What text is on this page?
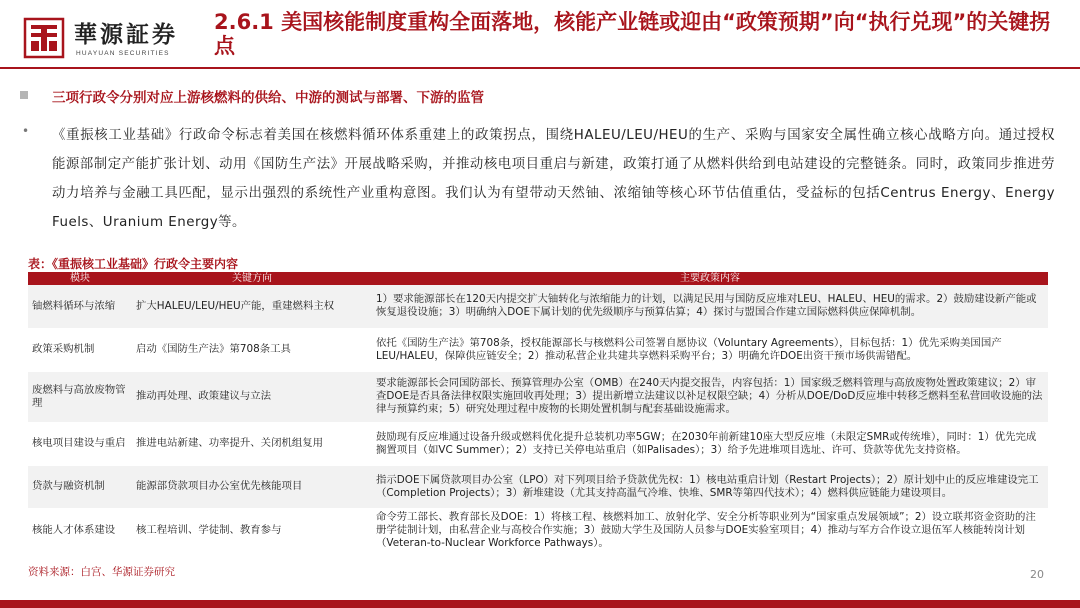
華源証券
HUAYUAN SECURITIES
2.6.1 美国核能制度重构全面落地，核能产业链或迎由“政策预期”向“执行兑现”的关键拐点
三项行政令分别对应上游核燃料的供给、中游的测试与部署、下游的监管
• 《重振核工业基础》行政命令标志着美国在核燃料循环体系重建上的政策拐点，围绕HALEU/LEU/HEU的生产、采购与国家安全属性确立核心战略方向。通过授权能源部制定产能扩张计划、动用《国防生产法》开展战略采购，并推动核电项目重启与新建，政策打通了从燃料供给到电站建设的完整链条。同时，政策同步推进劳动力培养与金融工具匹配，显示出强烈的系统性产业重构意图。我们认为有望带动天然铀、浓缩铀等核心环节估值重估，受益标的包括Centrus Energy、Energy Fuels、Uranium Energy等。
表：《重振核工业基础》行政令主要内容
模块	关键方向	主要政策内容
铀燃料循环与浓缩	扩大HALEU/LEU/HEU产能，重建燃料主权	1）要求能源部长在120天内提交扩大铀转化与浓缩能力的计划，以满足民用与国防反应堆对LEU、HALEU、HEU的需求。2）鼓励建设新产能或恢复退役设施；3）明确纳入DOE下属计划的优先级顺序与预算估算；4）探讨与盟国合作建立国际燃料供应保障机制。
政策采购机制	启动《国防生产法》第708条工具	依托《国防生产法》第708条，授权能源部长与核燃料公司签署自愿协议（Voluntary Agreements），目标包括：1）优先采购美国国产LEU/HALEU，保障供应链安全；2）推动私营企业共建共享燃料采购平台；3）明确允许DOE出资干预市场供需错配。
废燃料与高放废物管理	推动再处理、政策建议与立法	要求能源部长会同国防部长、预算管理办公室（OMB）在240天内提交报告，内容包括：1）国家级乏燃料管理与高放废物处置政策建议；2）审查DOE是否具备法律权限实施回收再处理；3）提出新增立法建议以补足权限空缺；4）分析从DOE/DoD反应堆中转移乏燃料至私营回收设施的法律与预算约束；5）研究处理过程中废物的长期处置机制与配套基础设施需求。
核电项目建设与重启	推进电站新建、功率提升、关闭机组复用	鼓励现有反应堆通过设备升级或燃料优化提升总装机功率5GW；在2030年前新建10座大型反应堆（未限定SMR或传统堆），同时：1）优先完成搁置项目（如VC Summer）；2）支持已关停电站重启（如Palisades）；3）给予先进堆项目选址、许可、贷款等优先支持资格。
贷款与融资机制	能源部贷款项目办公室优先核能项目	指示DOE下属贷款项目办公室（LPO）对下列项目给予贷款优先权：1）核电站重启计划（Restart Projects）；2）原计划中止的反应堆建设完工（Completion Projects）；3）新堆建设（尤其支持高温气冷堆、快堆、SMR等第四代技术）；4）燃料供应链能力建设项目。
核能人才体系建设	核工程培训、学徒制、教育参与	命令劳工部长、教育部长及DOE：1）将核工程、核燃料加工、放射化学、安全分析等职业列为“国家重点发展领域”；2）设立联邦资金资助的注册学徒制计划，由私营企业与高校合作实施；3）鼓励大学生及国防人员参与DOE实验室项目；4）推动与军方合作设立退伍军人核能转岗计划（Veteran-to-Nuclear Workforce Pathways）。
资料来源：白宫、华源证券研究	20
